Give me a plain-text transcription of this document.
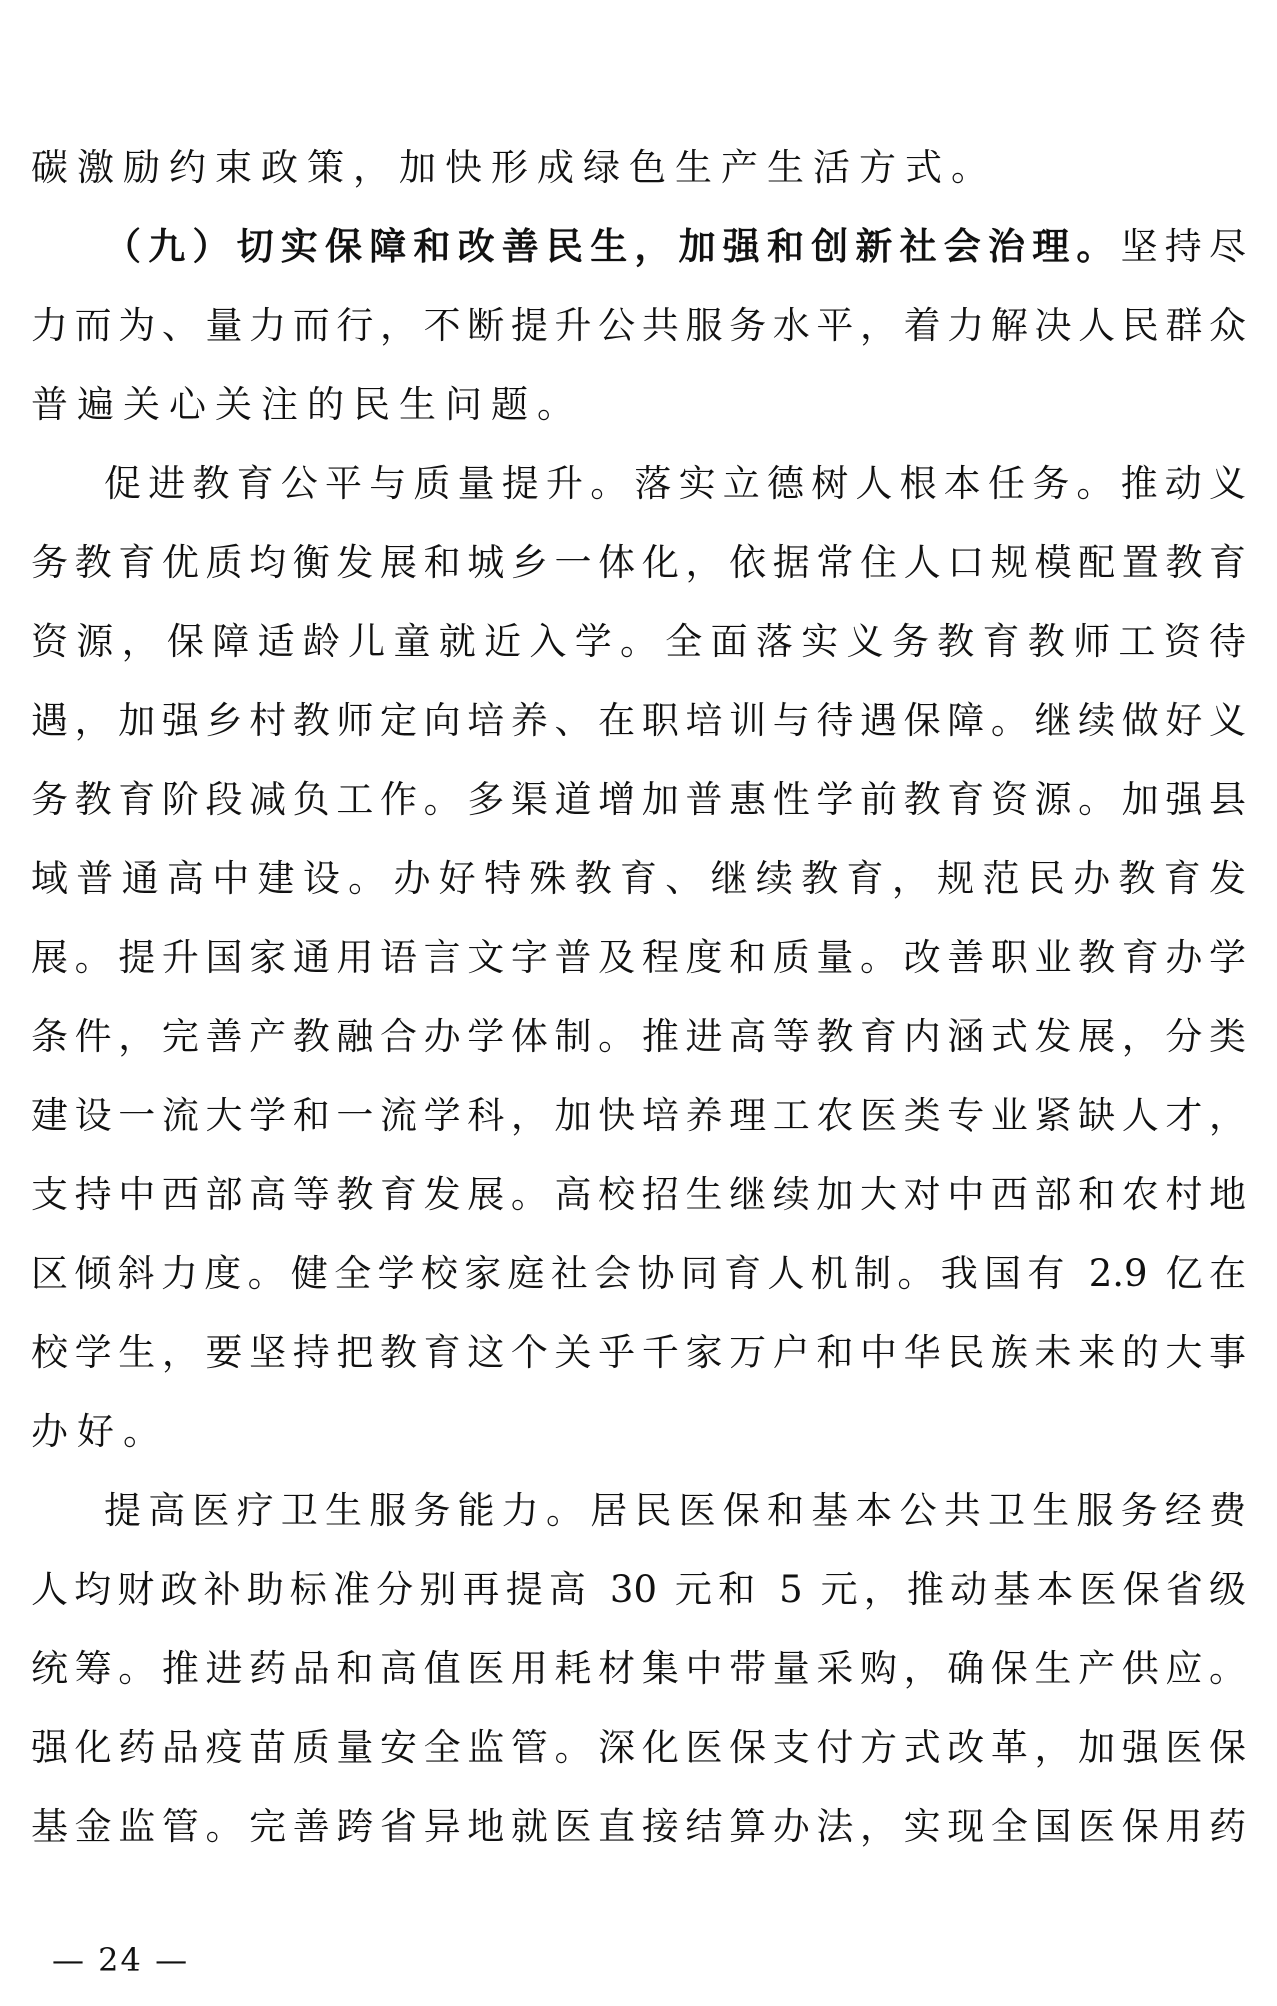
碳激励约束政策，加快形成绿色生产生活方式。
（九）切实保障和改善民生，加强和创新社会治理。坚持尽
力而为、量力而行，不断提升公共服务水平，着力解决人民群众
普遍关心关注的民生问题。
促进教育公平与质量提升。落实立德树人根本任务。推动义
务教育优质均衡发展和城乡一体化，依据常住人口规模配置教育
资源，保障适龄儿童就近入学。全面落实义务教育教师工资待
遇，加强乡村教师定向培养、在职培训与待遇保障。继续做好义
务教育阶段减负工作。多渠道增加普惠性学前教育资源。加强县
域普通高中建设。办好特殊教育、继续教育，规范民办教育发
展。提升国家通用语言文字普及程度和质量。改善职业教育办学
条件，完善产教融合办学体制。推进高等教育内涵式发展，分类
建设一流大学和一流学科，加快培养理工农医类专业紧缺人才，
支持中西部高等教育发展。高校招生继续加大对中西部和农村地
区倾斜力度。健全学校家庭社会协同育人机制。我国有 2.9 亿在
校学生，要坚持把教育这个关乎千家万户和中华民族未来的大事
办好。
提高医疗卫生服务能力。居民医保和基本公共卫生服务经费
人均财政补助标准分别再提高 30 元和 5 元，推动基本医保省级
统筹。推进药品和高值医用耗材集中带量采购，确保生产供应。
强化药品疫苗质量安全监管。深化医保支付方式改革，加强医保
基金监管。完善跨省异地就医直接结算办法，实现全国医保用药
— 24 —
